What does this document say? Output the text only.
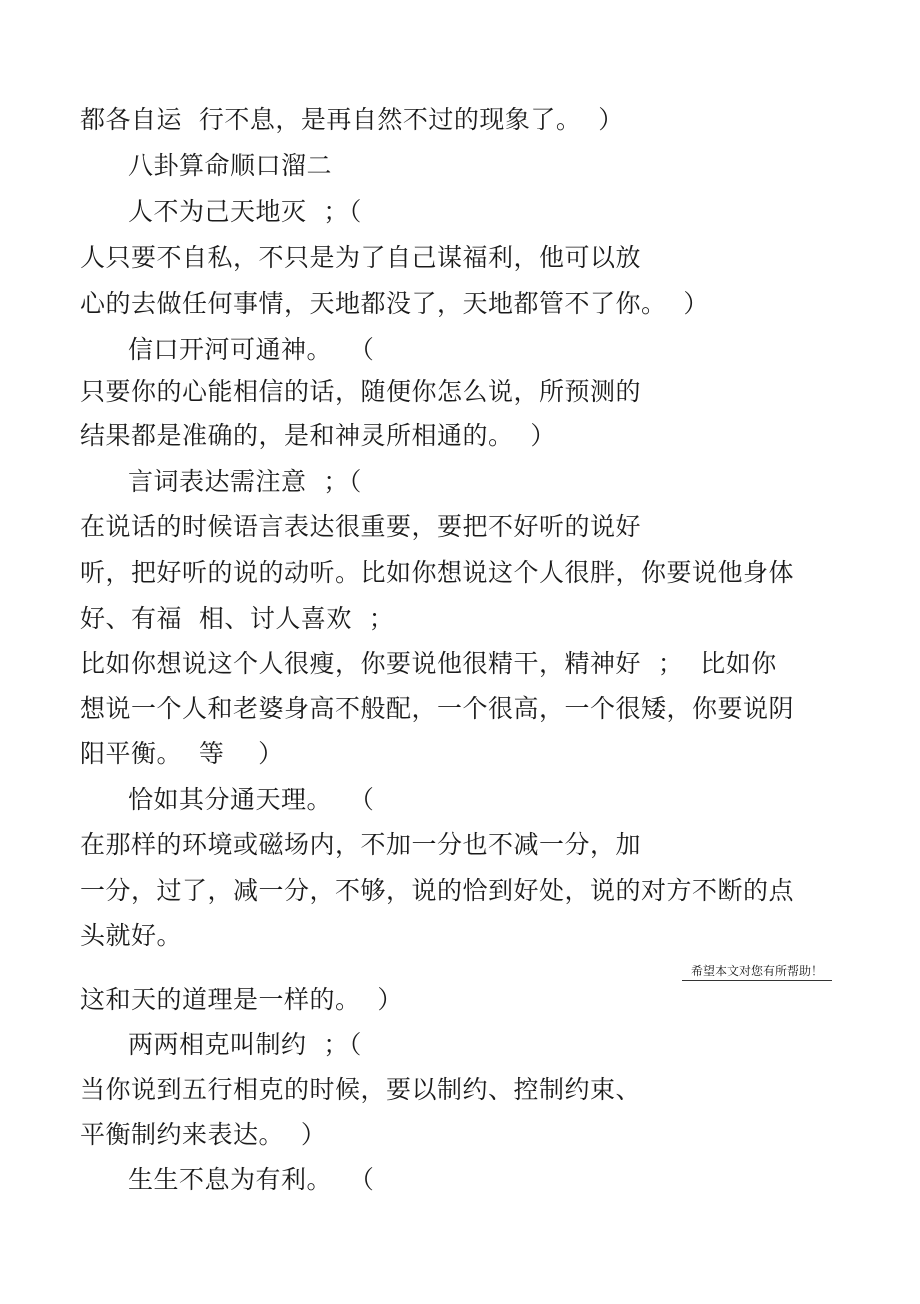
都各自运  行不息，是再自然不过的现象了。  ）
八卦算命顺口溜二
人不为己天地灭  ；（
人只要不自私，不只是为了自己谋福利，他可以放
心的去做任何事情，天地都没了，天地都管不了你。  ）
信口开河可通神。  （
只要你的心能相信的话，随便你怎么说，所预测的
结果都是准确的，是和神灵所相通的。  ）
言词表达需注意  ；（
在说话的时候语言表达很重要，要把不好听的说好
听，把好听的说的动听。比如你想说这个人很胖，你要说他身体
好、有福  相、讨人喜欢  ；
比如你想说这个人很瘦，你要说他很精干，精神好  ；  比如你
想说一个人和老婆身高不般配，一个很高，一个很矮，你要说阴
阳平衡。  等    ）
恰如其分通天理。  （
在那样的环境或磁场内，不加一分也不减一分，加
一分，过了，减一分，不够，说的恰到好处，说的对方不断的点
头就好。
希望本文对您有所帮助！
这和天的道理是一样的。  ）
两两相克叫制约  ；（
当你说到五行相克的时候，要以制约、控制约束、
平衡制约来表达。  ）
生生不息为有利。  （
